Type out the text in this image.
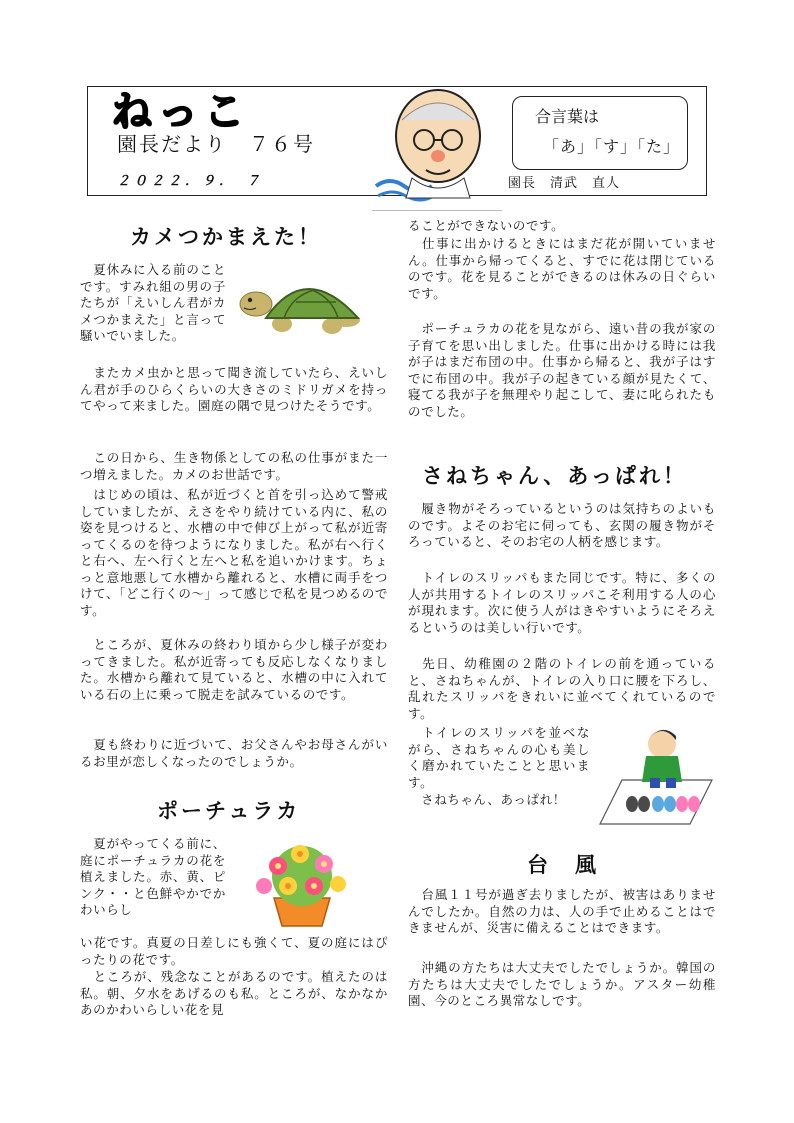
ねっこ
園長だより　７６号
２０２２．９．　７
合言葉は
「あ」「す」「た」
園長　清武　直人
カメつかまえた！

　夏休みに入る前のことです。すみれ組の男の子たちが「えいしん君がカメつかまえた」と言って騒いでいました。

　またカメ虫かと思って聞き流していたら、えいしん君が手のひらくらいの大きさのミドリガメを持ってやって来ました。園庭の隅で見つけたそうです。

　この日から、生き物係としての私の仕事がまた一つ増えました。カメのお世話です。

　はじめの頃は、私が近づくと首を引っ込めて警戒していましたが、えさをやり続けている内に、私の姿を見つけると、水槽の中で伸び上がって私が近寄ってくるのを待つようになりました。私が右へ行くと右へ、左へ行くと左へと私を追いかけます。ちょっと意地悪して水槽から離れると、水槽に両手をつけて、「どこ行くの～」って感じで私を見つめるのです。

　ところが、夏休みの終わり頃から少し様子が変わってきました。私が近寄っても反応しなくなりました。水槽から離れて見ていると、水槽の中に入れている石の上に乗って脱走を試みているのです。

　夏も終わりに近づいて、お父さんやお母さんがいるお里が恋しくなったのでしょうか。

ポーチュラカ

　夏がやってくる前に、庭にポーチュラカの花を植えました。赤、黄、ピンク・・と色鮮やかでかわいらし

い花です。真夏の日差しにも強くて、夏の庭にはぴったりの花です。

　ところが、残念なことがあるのです。植えたのは私。朝、夕水をあげるのも私。ところが、なかなかあのかわいらしい花を見

ることができないのです。

　仕事に出かけるときにはまだ花が開いていません。仕事から帰ってくると、すでに花は閉じているのです。花を見ることができるのは休みの日ぐらいです。

　ポーチュラカの花を見ながら、遠い昔の我が家の子育てを思い出しました。仕事に出かける時には我が子はまだ布団の中。仕事から帰ると、我が子はすでに布団の中。我が子の起きている顔が見たくて、寝てる我が子を無理やり起こして、妻に叱られたものでした。

さねちゃん、あっぱれ！

　履き物がそろっているというのは気持ちのよいものです。よそのお宅に伺っても、玄関の履き物がそろっていると、そのお宅の人柄を感じます。

　トイレのスリッパもまた同じです。特に、多くの人が共用するトイレのスリッパこそ利用する人の心が現れます。次に使う人がはきやすいようにそろえるというのは美しい行いです。

　先日、幼稚園の２階のトイレの前を通っていると、さねちゃんが、トイレの入り口に腰を下ろし、乱れたスリッパをきれいに並べてくれているのです。

　トイレのスリッパを並べながら、さねちゃんの心も美しく磨かれていたことと思います。

　さねちゃん、あっぱれ！

台　風

　台風１１号が過ぎ去りましたが、被害はありませんでしたか。自然の力は、人の手で止めることはできませんが、災害に備えることはできます。

　沖縄の方たちは大丈夫でしたでしょうか。韓国の方たちは大丈夫でしたでしょうか。アスター幼稚園、今のところ異常なしです。
